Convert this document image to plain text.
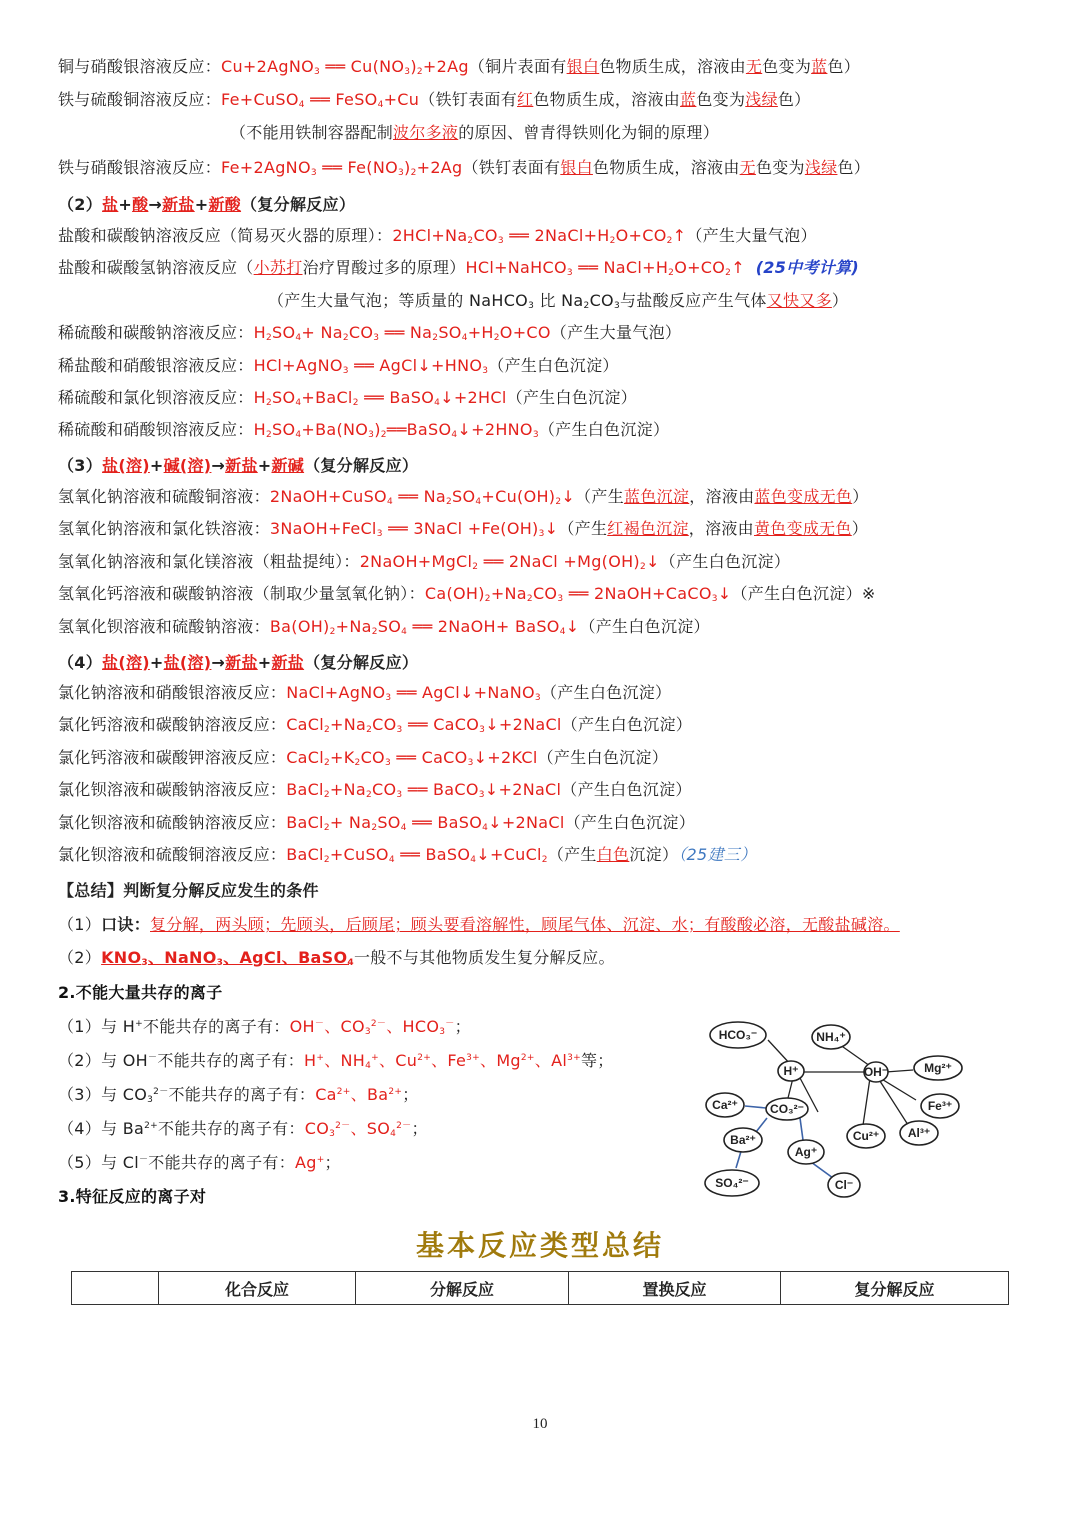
铜与硝酸银溶液反应：Cu+2AgNO$_3$ ══ $Cu(NO_3)_2+2Ag$（铜片表面有银白色物质生成，溶液由无色变为蓝色）
铁与硫酸铜溶液反应：Fe+CuSO$_4$ ══ FeSO$_4$+Cu（铁钉表面有红色物质生成，溶液由蓝色变为浅绿色）
（不能用铁制容器配制波尔多液的原因、曾青得铁则化为铜的原理）
铁与硝酸银溶液反应：Fe+2AgNO$_3$ ══ $Fe(NO_3)_2+2Ag$（铁钉表面有银白色物质生成，溶液由无色变为浅绿色）
（2）盐+酸→新盐+新酸（复分解反应）
盐酸和碳酸钠溶液反应（简易灭火器的原理）：$2HCl+Na_2CO_3$ ══ $2NaCl+H_2O+CO_2↑$（产生大量气泡）
盐酸和碳酸氢钠溶液反应（小苏打治疗胃酸过多的原理）HCl+NaHCO$_3$ ══ $NaCl+H_2O+CO_2↑$ (25中考计算)
（产生大量气泡；等质量的 NaHCO$_3$ 比 $Na_2CO_3$与盐酸反应产生气体又快又多）
稀硫酸和碳酸钠溶液反应：$H_2SO_4+ Na_2CO_3$ ══ $Na_2SO_4+H_2O+CO$（产生大量气泡）
稀盐酸和硝酸银溶液反应：HCl+AgNO$_3$ ══ $AgCl↓+HNO_3$（产生白色沉淀）
稀硫酸和氯化钡溶液反应：$H_2SO_4+BaCl_2$ ══ BaSO$_4$↓+2HCl（产生白色沉淀）
稀硫酸和硝酸钡溶液反应：$H_2SO_4+Ba(NO_3)_2══BaSO_4↓+2HNO_3$（产生白色沉淀）
（3）盐(溶)+碱(溶)→新盐+新碱（复分解反应）
氢氧化钠溶液和硫酸铜溶液：2NaOH+CuSO$_4$ ══ $Na_2SO_4+Cu(OH)_2↓$（产生蓝色沉淀，溶液由蓝色变成无色）
氢氧化钠溶液和氯化铁溶液：3NaOH+FeCl$_3$ ══ 3NaCl $+Fe(OH)_3↓$（产生红褐色沉淀，溶液由黄色变成无色）
氢氧化钠溶液和氯化镁溶液（粗盐提纯）：2NaOH+MgCl$_2$ ══ 2NaCl $+Mg(OH)_2↓$（产生白色沉淀）
氢氧化钙溶液和碳酸钠溶液（制取少量氢氧化钠）：$Ca(OH)_2+Na_2CO_3$ ══ 2NaOH+CaCO$_3$↓（产生白色沉淀）※
氢氧化钡溶液和硫酸钠溶液：$Ba(OH)_2+Na_2SO_4$ ══ 2NaOH+ BaSO$_4$↓（产生白色沉淀）
（4）盐(溶)+盐(溶)→新盐+新盐（复分解反应）
氯化钠溶液和硝酸银溶液反应：NaCl+AgNO$_3$ ══ AgCl↓+NaNO$_3$（产生白色沉淀）
氯化钙溶液和碳酸钠溶液反应：$CaCl_2+Na_2CO_3$ ══ CaCO$_3$↓+2NaCl（产生白色沉淀）
氯化钙溶液和碳酸钾溶液反应：$CaCl_2+K_2CO_3$ ══ CaCO$_3$↓+2KCl（产生白色沉淀）
氯化钡溶液和碳酸钠溶液反应：$BaCl_2+Na_2CO_3$ ══ BaCO$_3$↓+2NaCl（产生白色沉淀）
氯化钡溶液和硫酸钠溶液反应：BaCl$_2$+ $Na_2SO_4$ ══ BaSO$_4$↓+2NaCl（产生白色沉淀）
氯化钡溶液和硫酸铜溶液反应：BaCl$_2$+CuSO$_4$ ══ BaSO$_4$↓+CuCl$_2$（产生白色沉淀）（25建三）
【总结】判断复分解反应发生的条件
（1）口诀：复分解，两头顾；先顾头，后顾尾；顾头要看溶解性，顾尾气体、沉淀、水；有酸酸必溶，无酸盐碱溶。
$(2)KNO_3$、NaNO$_3$、AgCl、BaSO$_4$一般不与其他物质发生复分解反应。
2.不能大量共存的离子
（1）与 H+不能共存的离子有：OH－、$CO_3^{2-}$、$HCO_3^-$；
（2）与 OH－不能共存的离子有：H+、$NH_4^+$、$Cu^{2+}$、$Fe^{3+}$、$Mg^{2+}$、$Al^{3+}$等；
（3）与 $CO_3^{2-}$不能共存的离子有：$Ca^{2+}$、$Ba^{2+}$；
（4）与 $Ba^{2+}$不能共存的离子有：$CO_3^{2-}$、$SO_4^{2-}$；
（5）与 Cl－不能共存的离子有：Ag+；
3.特征反应的离子对
HCO₃⁻	NH₄⁺
H⁺	OH⁻	Mg²⁺
Ca²⁺	CO₃²⁻	Fe³⁺
Ba²⁺	Cu²⁺ Al³⁺
Ag⁺
SO₄²⁻	Cl⁻
基本反应类型总结
	化合反应	分解反应	置换反应	复分解反应
10
